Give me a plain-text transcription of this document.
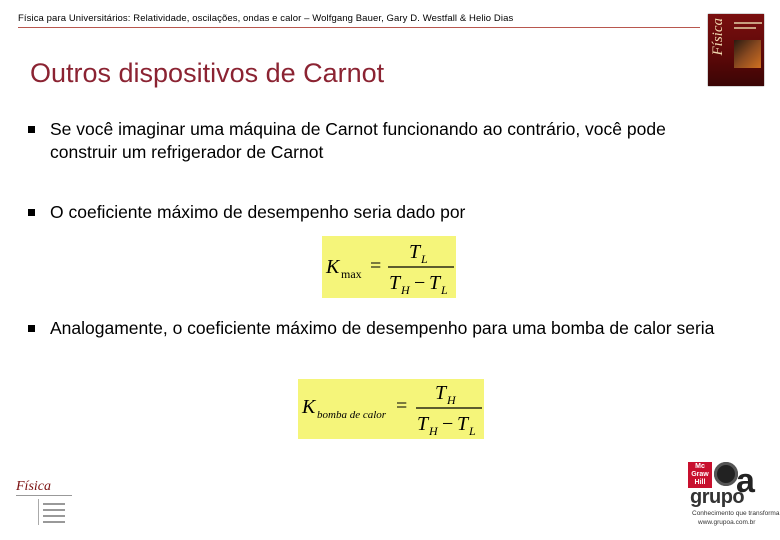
Física para Universitários: Relatividade, oscilações, ondas e calor – Wolfgang Bauer, Gary D. Westfall & Helio Dias	Física
Outros dispositivos de Carnot
Se você imaginar uma máquina de Carnot funcionando ao contrário, você pode construir um refrigerador de Carnot
O coeficiente máximo de desempenho seria dado por
K max =
T L
T H − T L
Analogamente, o coeficiente máximo de desempenho para uma bomba de calor seria
K bomba de calor =
T H
T H − T L
Física
Mc Graw Hill a
grupo
Conhecimento que transforma
www.grupoa.com.br
